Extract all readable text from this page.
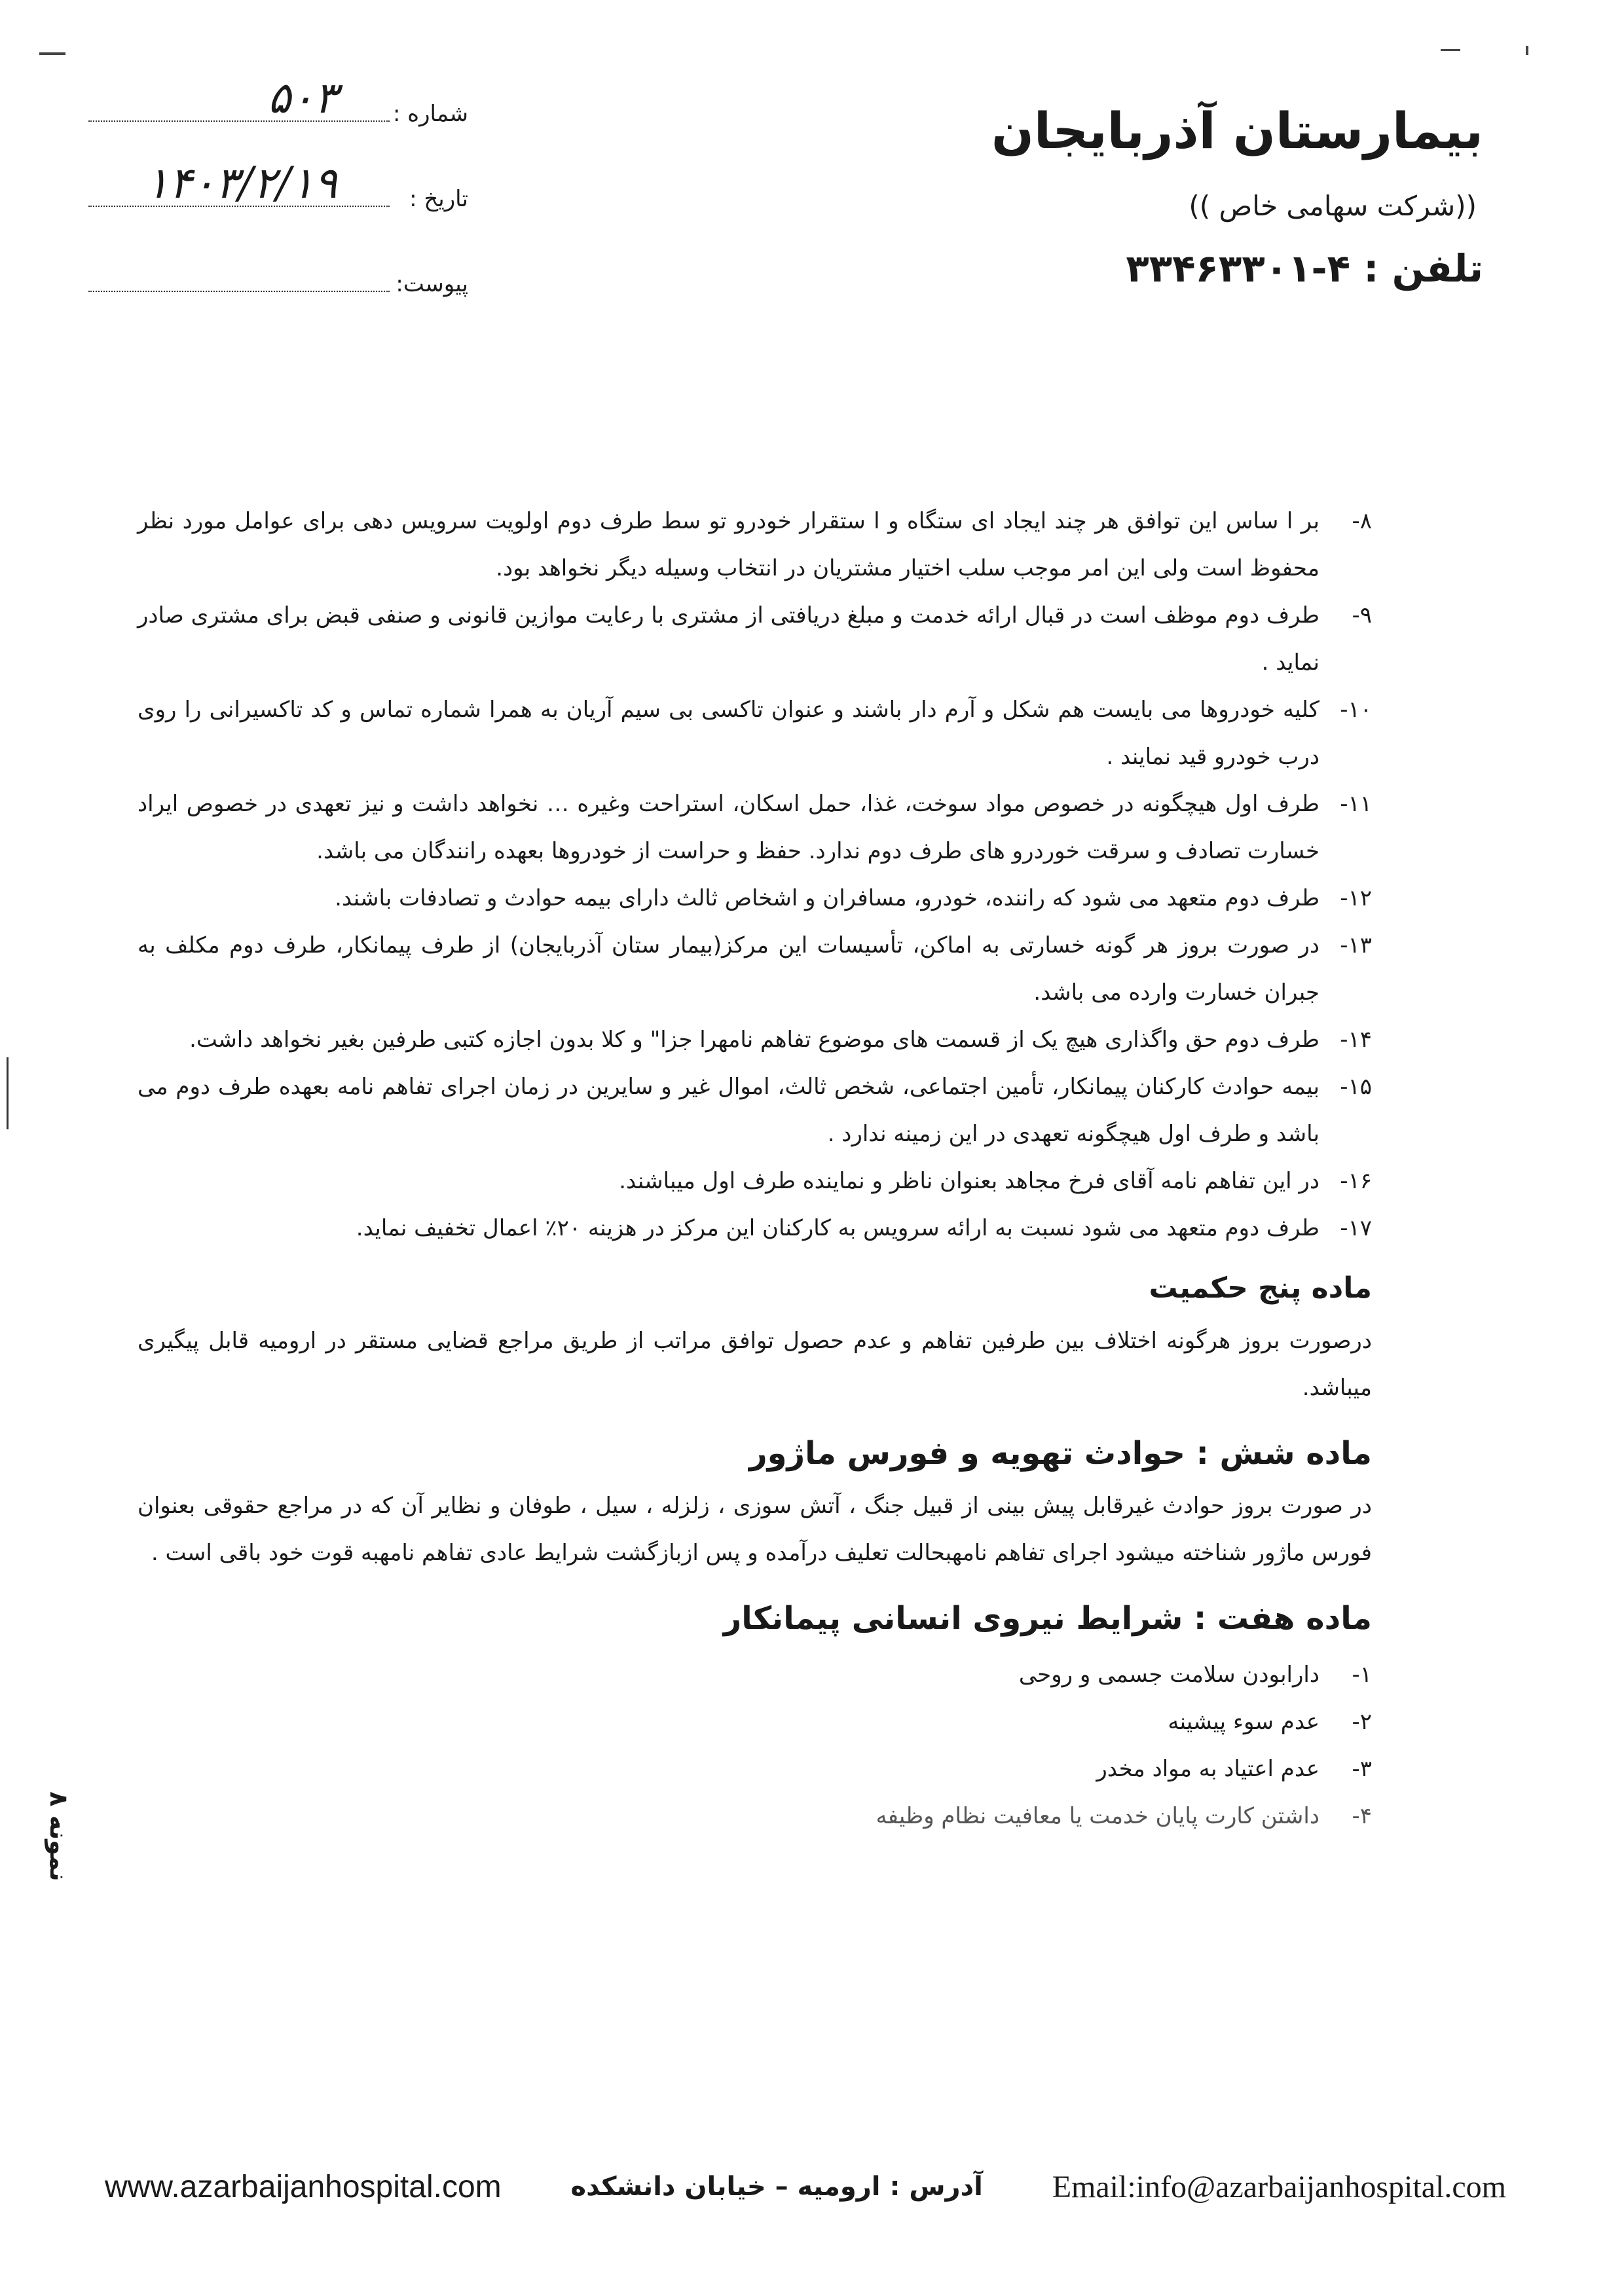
بیمارستان آذربایجان
((شرکت سهامی خاص ))
تلفن : ۴-۳۳۴۶۳۳۰۱
شماره :
۵۰۳
تاریخ :
۱۴۰۳/۲/۱۹
پیوست:
۸-
بر ا ساس این توافق هر چند ایجاد ای ستگاه و ا ستقرار خودرو تو سط طرف دوم اولویت سرویس دهی برای عوامل مورد نظر محفوظ است ولی این امر موجب سلب اختیار مشتریان در انتخاب وسیله دیگر نخواهد بود.
۹-
طرف دوم موظف است در قبال ارائه خدمت و مبلغ دریافتی از مشتری با رعایت موازین قانونی و صنفی قبض برای مشتری صادر نماید .
۱۰-
کلیه خودروها می بایست هم شکل و آرم دار باشند و عنوان تاکسی بی سیم آریان به همرا شماره تماس و کد تاکسیرانی را روی درب خودرو قید نمایند .
۱۱-
طرف اول هیچگونه در خصوص مواد سوخت، غذا، حمل اسکان، استراحت وغیره … نخواهد داشت و نیز تعهدی در خصوص ایراد خسارت تصادف و سرقت خوردرو های طرف دوم ندارد. حفظ و حراست از خودروها بعهده رانندگان می باشد.
۱۲-
طرف دوم متعهد می شود که راننده، خودرو، مسافران و اشخاص ثالث دارای بیمه حوادث و تصادفات باشند.
۱۳-
در صورت بروز هر گونه خسارتی به اماکن، تأسیسات این مرکز(بیمار ستان آذربایجان) از طرف پیمانکار، طرف دوم مکلف به جبران خسارت وارده می باشد.
۱۴-
طرف دوم حق واگذاری هیچ یک از قسمت های موضوع تفاهم نامهرا جزا" و کلا بدون اجازه کتبی طرفین بغیر نخواهد داشت.
۱۵-
بیمه حوادث کارکنان پیمانکار، تأمین اجتماعی، شخص ثالث، اموال غیر و سایرین در زمان اجرای تفاهم نامه بعهده طرف دوم می باشد و طرف اول هیچگونه تعهدی در این زمینه ندارد .
۱۶-
در این تفاهم نامه آقای فرخ مجاهد بعنوان ناظر و نماینده طرف اول میباشند.
۱۷-
طرف دوم متعهد می شود نسبت به ارائه سرویس به کارکنان این مرکز در هزینه ۲۰٪ اعمال تخفیف نماید.
ماده پنج حکمیت

درصورت بروز هرگونه اختلاف بین طرفین تفاهم و عدم حصول توافق مراتب از طریق مراجع قضایی مستقر در ارومیه قابل پیگیری میباشد.

ماده شش : حوادث تهویه و فورس ماژور

در صورت بروز حوادث غیرقابل پیش بینی از قبیل جنگ ، آتش سوزی ، زلزله ، سیل ، طوفان و نظایر آن که در مراجع حقوقی بعنوان فورس ماژور شناخته میشود اجرای تفاهم نامهبحالت تعلیف درآمده و پس ازبازگشت شرایط عادی تفاهم نامهبه قوت خود باقی است .

ماده هفت : شرایط نیروی انسانی پیمانکار
۱-
دارابودن سلامت جسمی و روحی
۲-
عدم سوء پیشینه
۳-
عدم اعتیاد به مواد مخدر
۴-
داشتن کارت پایان خدمت یا معافیت نظام وظیفه
نمونه ۸
www.azarbaijanhospital.com	آدرس : ارومیه – خیابان دانشکده Email:info@azarbaijanhospital.com
